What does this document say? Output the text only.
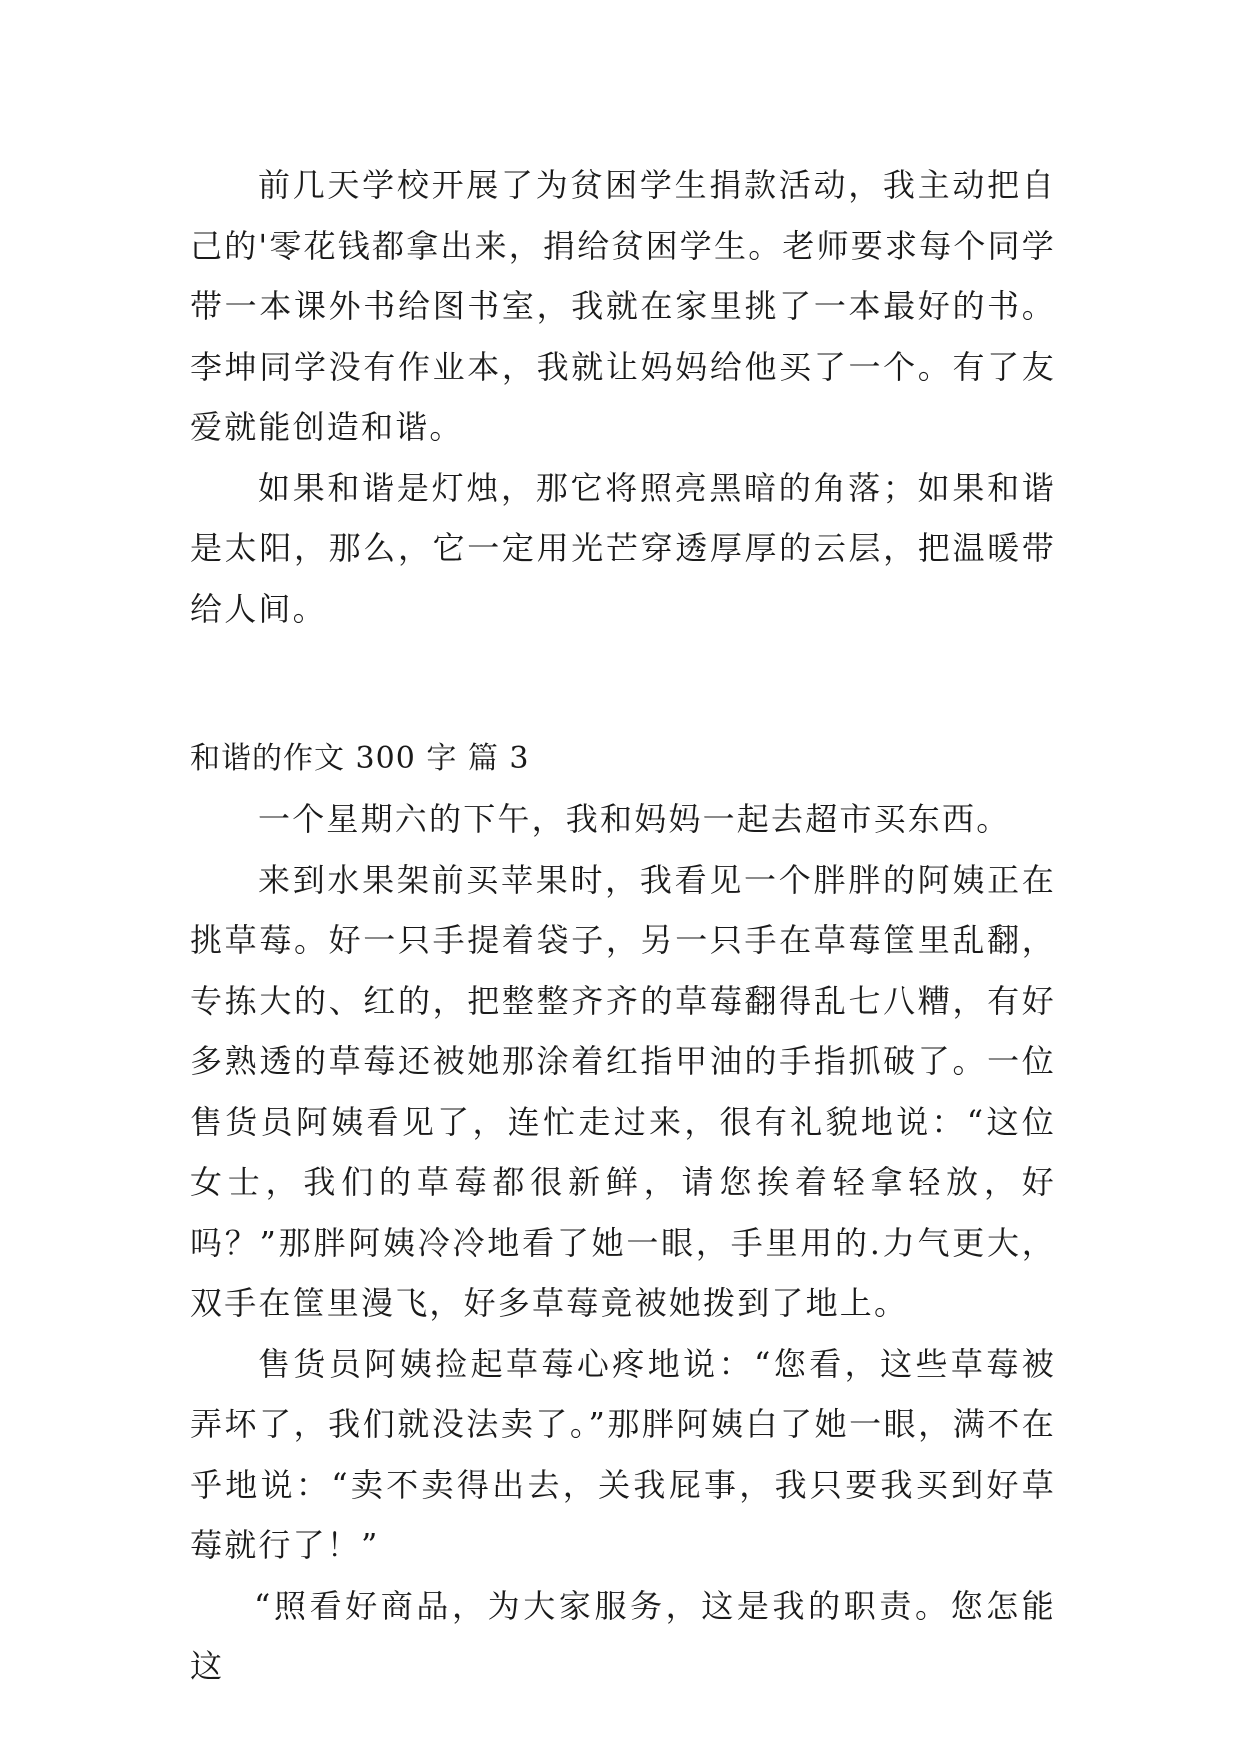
前几天学校开展了为贫困学生捐款活动，我主动把自己的'零花钱都拿出来，捐给贫困学生。老师要求每个同学带一本课外书给图书室，我就在家里挑了一本最好的书。李坤同学没有作业本，我就让妈妈给他买了一个。有了友爱就能创造和谐。

如果和谐是灯烛，那它将照亮黑暗的角落；如果和谐是太阳，那么，它一定用光芒穿透厚厚的云层，把温暖带给人间。

和谐的作文 300 字 篇 3

一个星期六的下午，我和妈妈一起去超市买东西。

来到水果架前买苹果时，我看见一个胖胖的阿姨正在挑草莓。好一只手提着袋子，另一只手在草莓筐里乱翻，专拣大的、红的，把整整齐齐的草莓翻得乱七八糟，有好多熟透的草莓还被她那涂着红指甲油的手指抓破了。一位售货员阿姨看见了，连忙走过来，很有礼貌地说：“这位女士，我们的草莓都很新鲜，请您挨着轻拿轻放，好吗？”那胖阿姨冷冷地看了她一眼，手里用的.力气更大，双手在筐里漫飞，好多草莓竟被她拨到了地上。

售货员阿姨捡起草莓心疼地说：“您看，这些草莓被弄坏了，我们就没法卖了。”那胖阿姨白了她一眼，满不在乎地说：“卖不卖得出去，关我屁事，我只要我买到好草莓就行了！”

“照看好商品，为大家服务，这是我的职责。您怎能这
